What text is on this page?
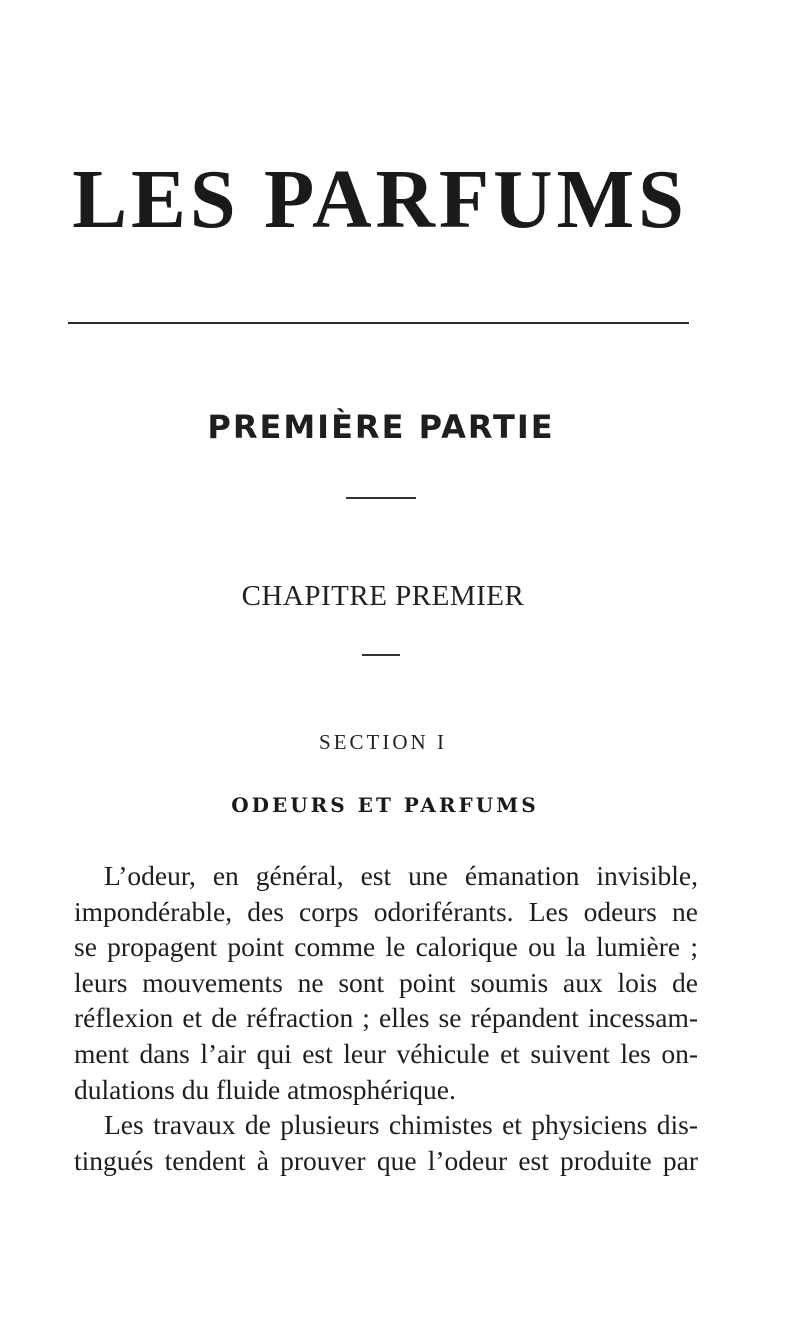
LES PARFUMS
PREMIÈRE PARTIE
CHAPITRE PREMIER
SECTION I
ODEURS ET PARFUMS
L’odeur, en général, est une émanation invisible,
impondérable, des corps odoriférants. Les odeurs ne
se propagent point comme le calorique ou la lumière ;
leurs mouvements ne sont point soumis aux lois de
réflexion et de réfraction ; elles se répandent incessam-
ment dans l’air qui est leur véhicule et suivent les on-
dulations du fluide atmosphérique.
Les travaux de plusieurs chimistes et physiciens dis-
tingués tendent à prouver que l’odeur est produite par
